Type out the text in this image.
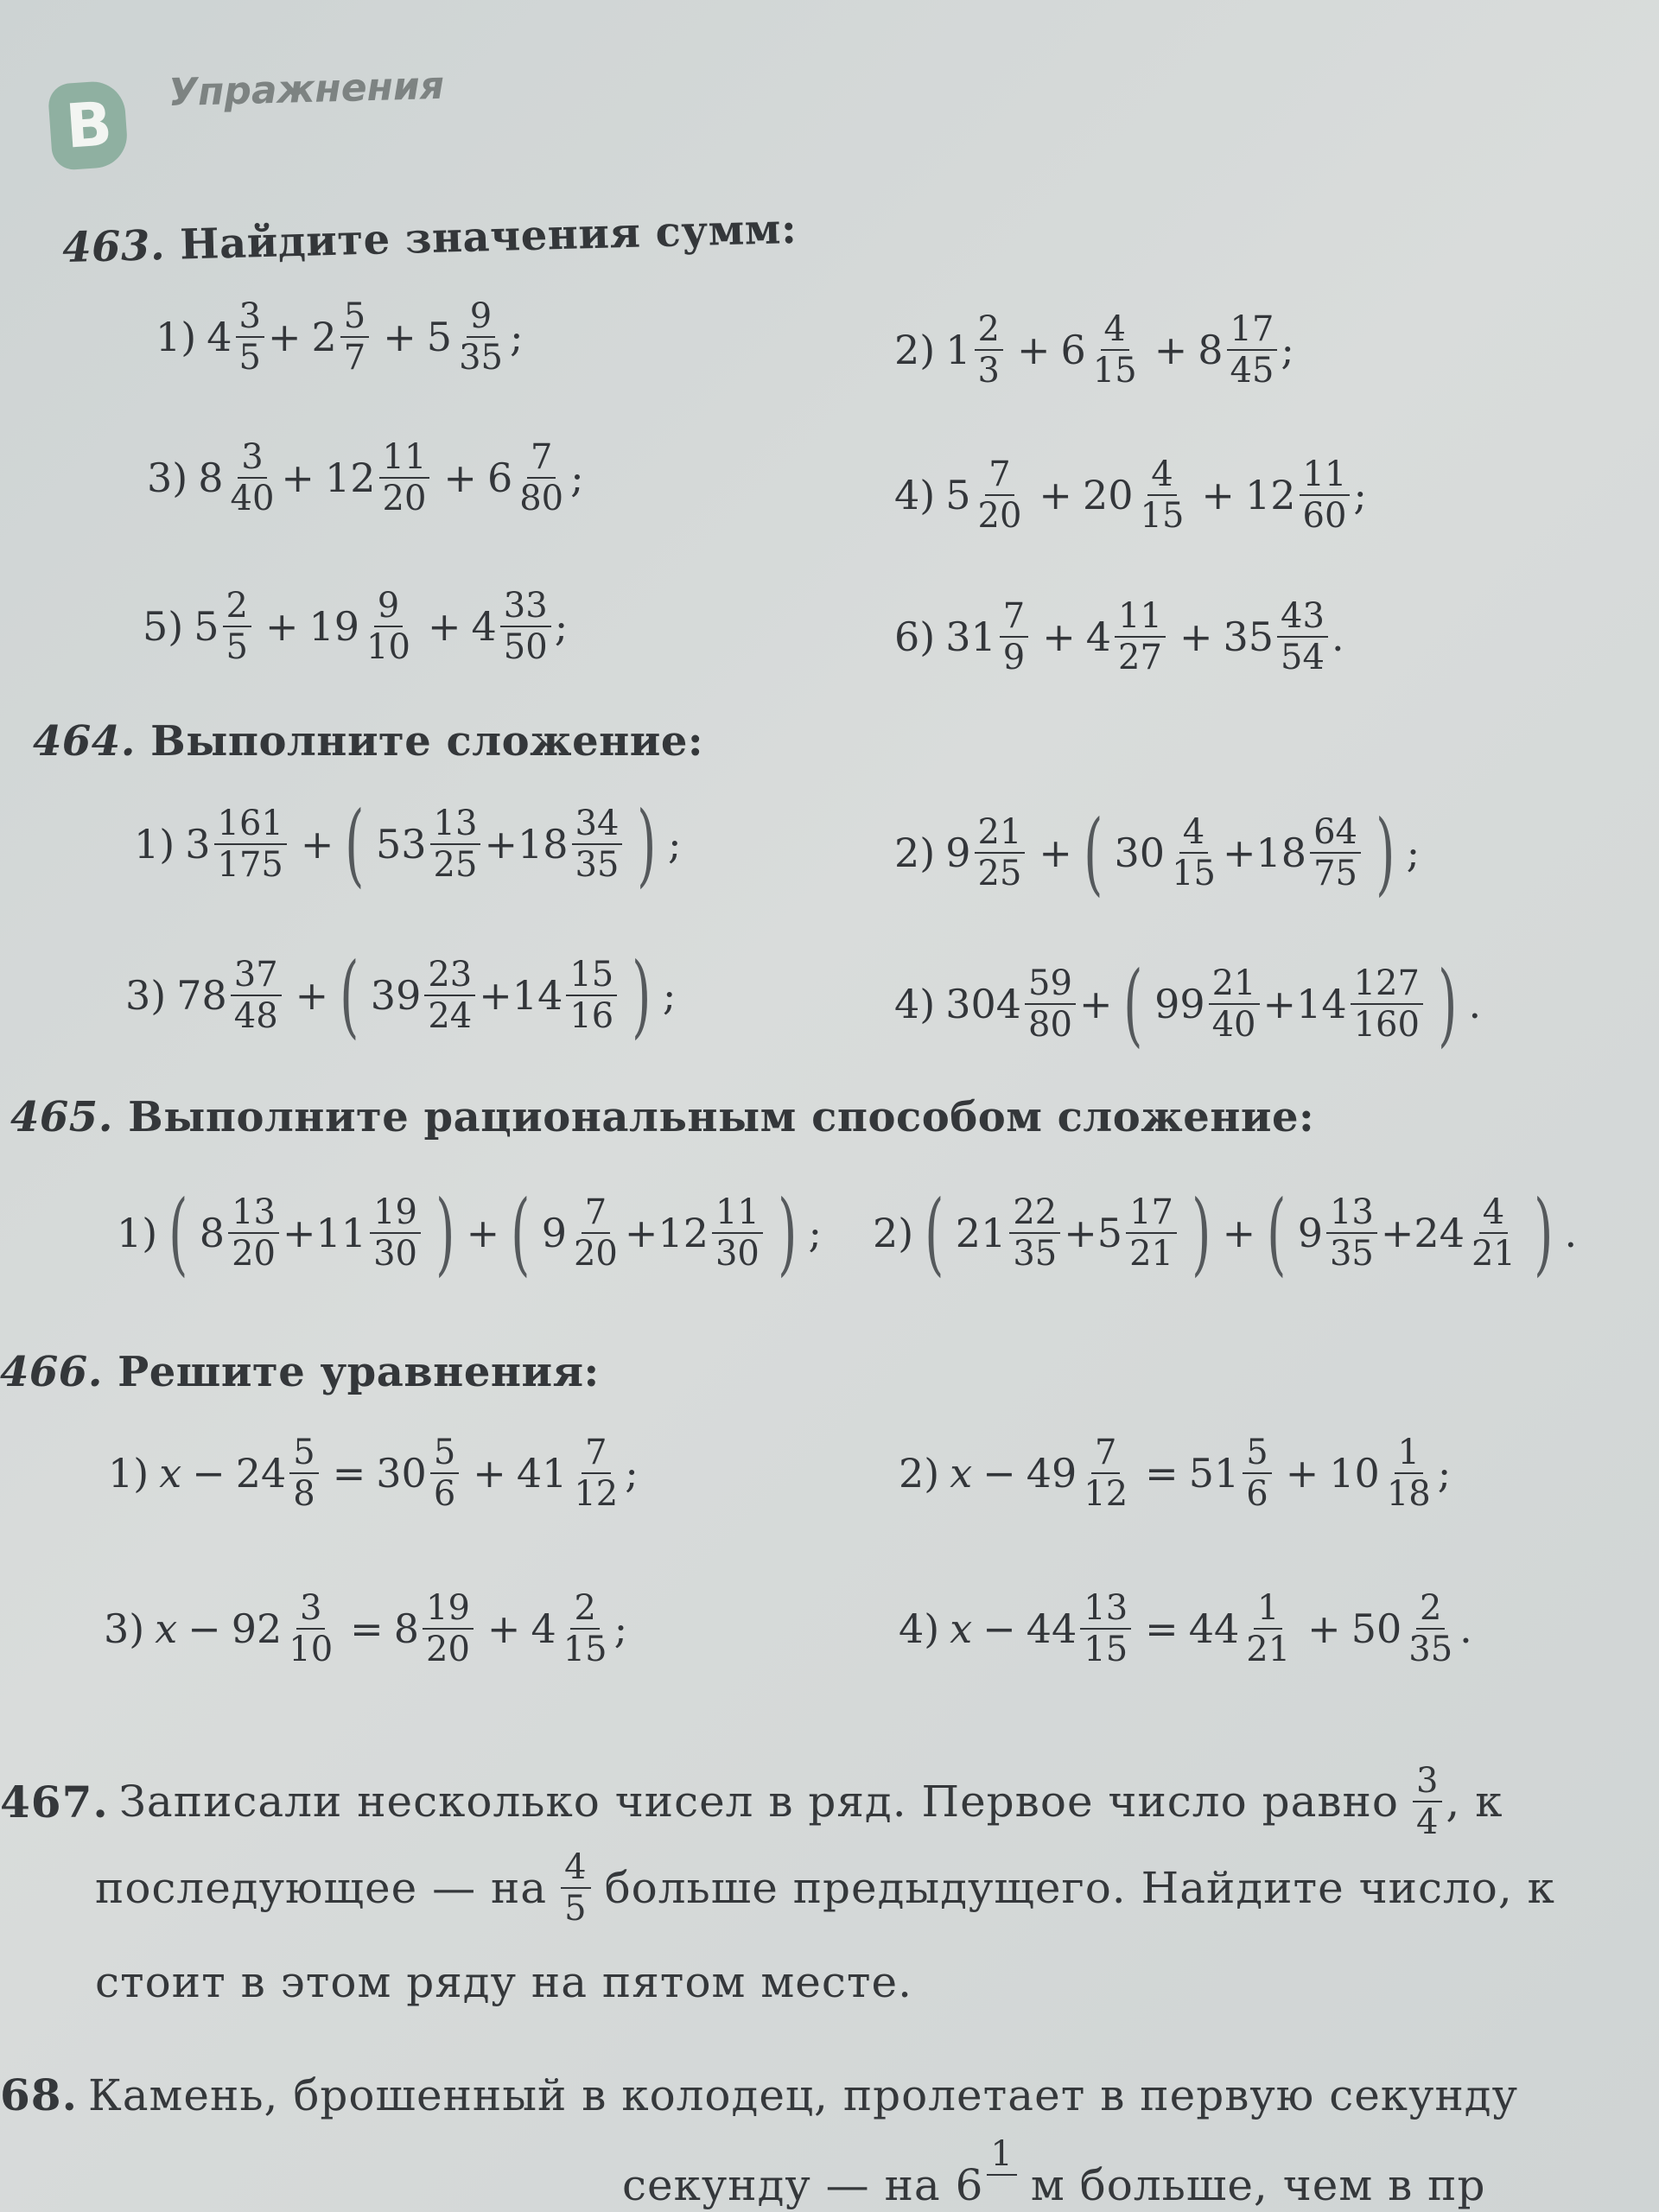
B Упражнения
463. Найдите значения сумм:
1) $4 \frac{3}{5} + 2 \frac{5}{7} + 5 \frac{9}{35}$ ;	2) $1 \frac{2}{3} + 6 \frac{4}{15} + 8 \frac{17}{45}$ ;
3) $8 \frac{3}{40} + 12 \frac{11}{20} + 6 \frac{7}{80}$ ;	4) $5 \frac{7}{20} + 20 \frac{4}{15} + 12 \frac{11}{60}$ ;
5) $5 \frac{2}{5} + 19 \frac{9}{10} + 4 \frac{33}{50}$ ;	6) $31 \frac{7}{9} + 4 \frac{11}{27} + 35 \frac{43}{54}$ .
464. Выполните сложение:
1) $3 \frac{161}{175}$ + ( $53 \frac{13}{25} + 18 \frac{34}{35}$ ) ;	2) $9 \frac{21}{25}$ + ( $30 \frac{4}{15} + 18 \frac{64}{75}$ ) ;
3) $78 \frac{37}{48}$ + ( $39 \frac{23}{24} + 14 \frac{15}{16}$ ) ;	4) $304 \frac{59}{80}$ + ( $99 \frac{21}{40} + 14 \frac{127}{160}$ ) .
465. Выполните рациональным способом сложение:
1) ( $8 \frac{13}{20} + 11 \frac{19}{30}$ ) + ( $9 \frac{7}{20} + 12 \frac{11}{30}$ ) ; 2) ( $21 \frac{22}{35} + 5 \frac{17}{21}$ ) + ( $9 \frac{13}{35} + 24 \frac{4}{21}$ ) .
466. Решите уравнения:
1) $x - 24 \frac{5}{8} = 30 \frac{5}{6} + 41 \frac{7}{12}$ ;	2) $x - 49 \frac{7}{12} = 51 \frac{5}{6} + 10 \frac{1}{18}$ ;
3) $x - 92 \frac{3}{10} = 8 \frac{19}{20} + 4 \frac{2}{15}$ ;	4) $x - 44 \frac{13}{15} = 44 \frac{1}{21} + 50 \frac{2}{35}$ .
467. Записали несколько чисел в ряд. Первое число равно $\frac{3}{4}$ , к
последующее — на $\frac{4}{5}$ больше предыдущего. Найдите число, к
стоит в этом ряду на пятом месте.
68. Камень, брошенный в колодец, пролетает в первую секунду
секунду — на 6
1
м больше, чем в пр
